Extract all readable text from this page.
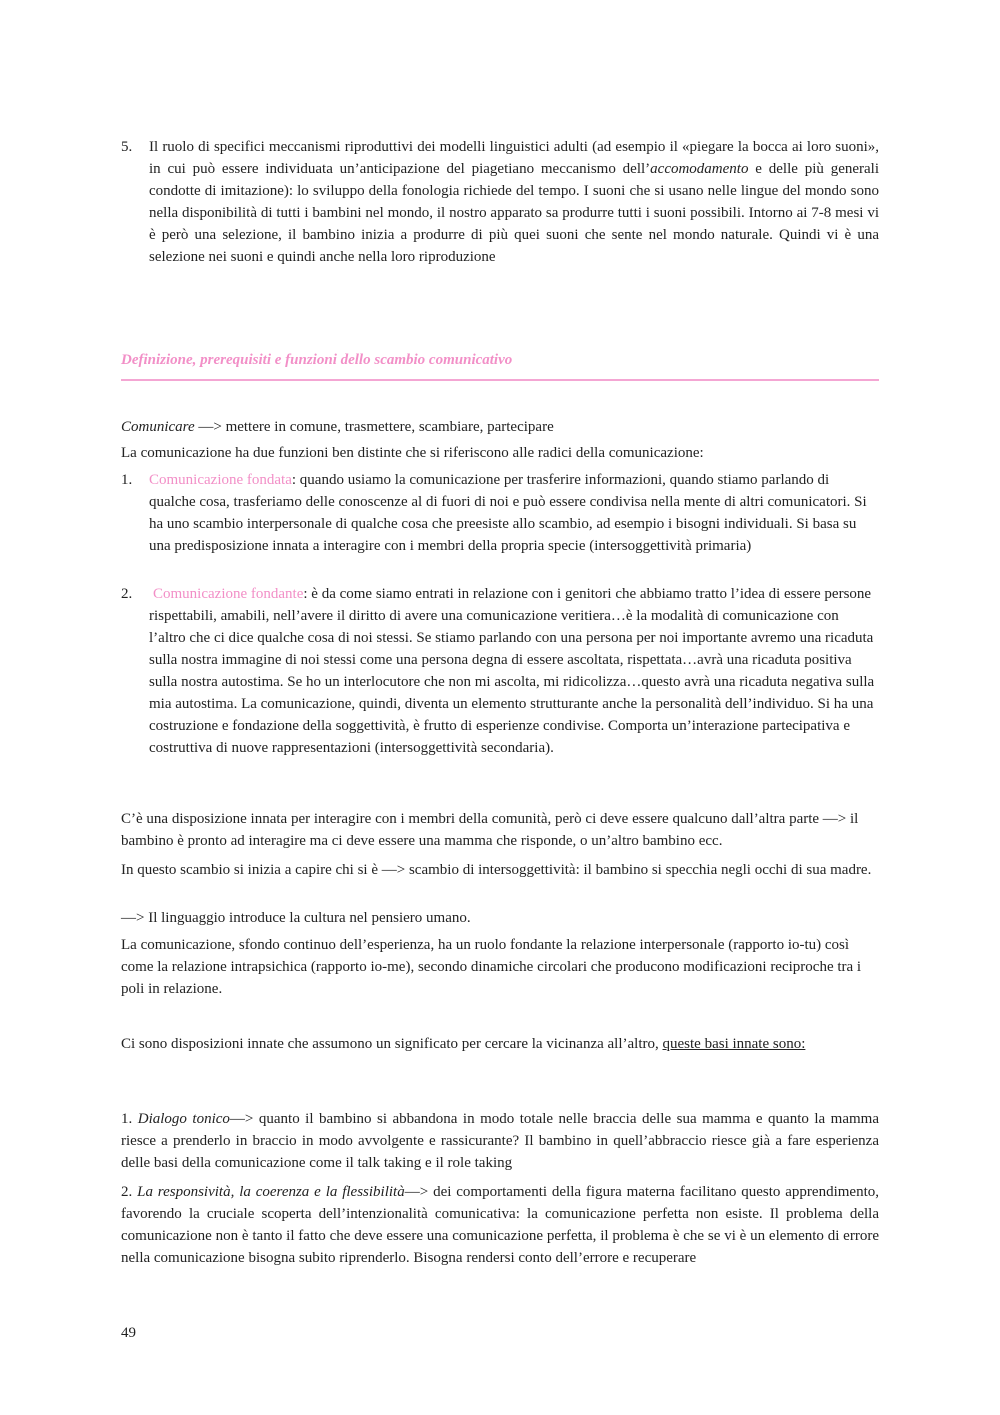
5.	Il ruolo di specifici meccanismi riproduttivi dei modelli linguistici adulti (ad esempio il «piegare la bocca ai loro suoni», in cui può essere individuata un’anticipazione del piagetiano meccanismo dell’accomodamento e delle più generali condotte di imitazione): lo sviluppo della fonologia richiede del tempo. I suoni che si usano nelle lingue del mondo sono nella disponibilità di tutti i bambini nel mondo, il nostro apparato sa produrre tutti i suoni possibili. Intorno ai 7-8 mesi vi è però una selezione, il bambino inizia a produrre di più quei suoni che sente nel mondo naturale. Quindi vi è una selezione nei suoni e quindi anche nella loro riproduzione
Definizione, prerequisiti e funzioni dello scambio comunicativo
Comunicare —> mettere in comune, trasmettere, scambiare, partecipare
La comunicazione ha due funzioni ben distinte che si riferiscono alle radici della comunicazione:
1.	Comunicazione fondata: quando usiamo la comunicazione per trasferire informazioni, quando stiamo parlando di qualche cosa, trasferiamo delle conoscenze al di fuori di noi e può essere condivisa nella mente di altri comunicatori. Si ha uno scambio interpersonale di qualche cosa che preesiste allo scambio, ad esempio i bisogni individuali. Si basa su una predisposizione innata a interagire con i membri della propria specie (intersoggettività primaria)
2.	Comunicazione fondante: è da come siamo entrati in relazione con i genitori che abbiamo tratto l’idea di essere persone rispettabili, amabili, nell’avere il diritto di avere una comunicazione veritiera…è la modalità di comunicazione con l’altro che ci dice qualche cosa di noi stessi. Se stiamo parlando con una persona per noi importante avremo una ricaduta sulla nostra immagine di noi stessi come una persona degna di essere ascoltata, rispettata…avrà una ricaduta positiva sulla nostra autostima. Se ho un interlocutore che non mi ascolta, mi ridicolizza…questo avrà una ricaduta negativa sulla mia autostima. La comunicazione, quindi, diventa un elemento strutturante anche la personalità dell’individuo. Si ha una costruzione e fondazione della soggettività, è frutto di esperienze condivise. Comporta un’interazione partecipativa e costruttiva di nuove rappresentazioni (intersoggettività secondaria).
C’è una disposizione innata per interagire con i membri della comunità, però ci deve essere qualcuno dall’altra parte —> il bambino è pronto ad interagire ma ci deve essere una mamma che risponde, o un’altro bambino ecc.
In questo scambio si inizia a capire chi si è —> scambio di intersoggettività: il bambino si specchia negli occhi di sua madre.
—> Il linguaggio introduce la cultura nel pensiero umano.
La comunicazione, sfondo continuo dell’esperienza, ha un ruolo fondante la relazione interpersonale (rapporto io-tu) così come la relazione intrapsichica (rapporto io-me), secondo dinamiche circolari che producono modificazioni reciproche tra i poli in relazione.
Ci sono disposizioni innate che assumono un significato per cercare la vicinanza all’altro, queste basi innate sono:
1. Dialogo tonico—> quanto il bambino si abbandona in modo totale nelle braccia delle sua mamma e quanto la mamma riesce a prenderlo in braccio in modo avvolgente e rassicurante? Il bambino in quell’abbraccio riesce già a fare esperienza delle basi della comunicazione come il talk taking e il role taking
2. La responsività, la coerenza e la flessibilità—> dei comportamenti della figura materna facilitano questo apprendimento, favorendo la cruciale scoperta dell’intenzionalità comunicativa: la comunicazione perfetta non esiste. Il problema della comunicazione non è tanto il fatto che deve essere una comunicazione perfetta, il problema è che se vi è un elemento di errore nella comunicazione bisogna subito riprenderlo. Bisogna rendersi conto dell’errore e recuperare
49
